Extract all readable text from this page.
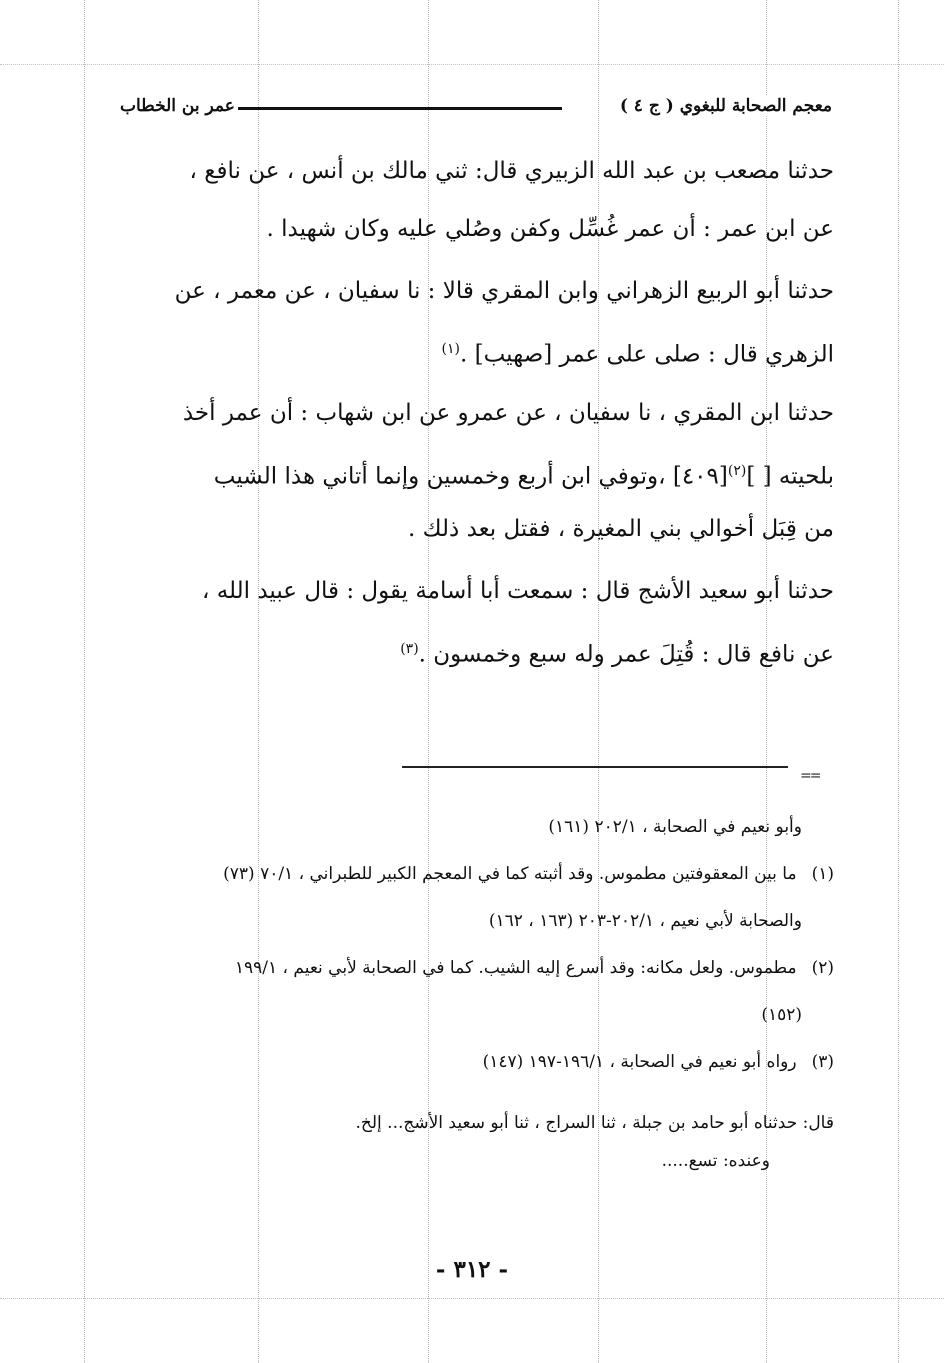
معجم الصحابة للبغوي ( ج ٤ )
عمر بن الخطاب
حدثنا مصعب بن عبد الله الزبيري قال: ثني مالك بن أنس ، عن نافع ،
عن ابن عمر : أن عمر غُسِّل وكفن وصُلي عليه وكان شهيدا .
حدثنا أبو الربيع الزهراني وابن المقري قالا : نا سفيان ، عن معمر ، عن
الزهري قال : صلى على عمر [صهيب] .$^{(١)}$
حدثنا ابن المقري ، نا سفيان ، عن عمرو عن ابن شهاب : أن عمر أخذ
بلحيته [ ]$^{(٢)}$[٤٠٩] ،وتوفي ابن أربع وخمسين وإنما أتاني هذا الشيب
من قِبَل أخوالي بني المغيرة ، فقتل بعد ذلك .
حدثنا أبو سعيد الأشج قال : سمعت أبا أسامة يقول : قال عبيد الله ،
عن نافع قال : قُتِلَ عمر وله سبع وخمسون .$^{(٣)}$
==
وأبو نعيم في الصحابة ، ٢٠٢/١ (١٦١)
(١) ما بين المعقوفتين مطموس. وقد أثبته كما في المعجم الكبير للطبراني ، ٧٠/١ (٧٣)
والصحابة لأبي نعيم ، ٢٠٢/١-٢٠٣ (١٦٣ ، ١٦٢)
(٢) مطموس. ولعل مكانه: وقد أسرع إليه الشيب. كما في الصحابة لأبي نعيم ، ١٩٩/١
(١٥٢)
(٣) رواه أبو نعيم في الصحابة ، ١٩٦/١-١٩٧ (١٤٧)
قال: حدثناه أبو حامد بن جبلة ، ثنا السراج ، ثنا أبو سعيد الأشج... إلخ.
وعنده: تسع.....
- ٣١٢ -
